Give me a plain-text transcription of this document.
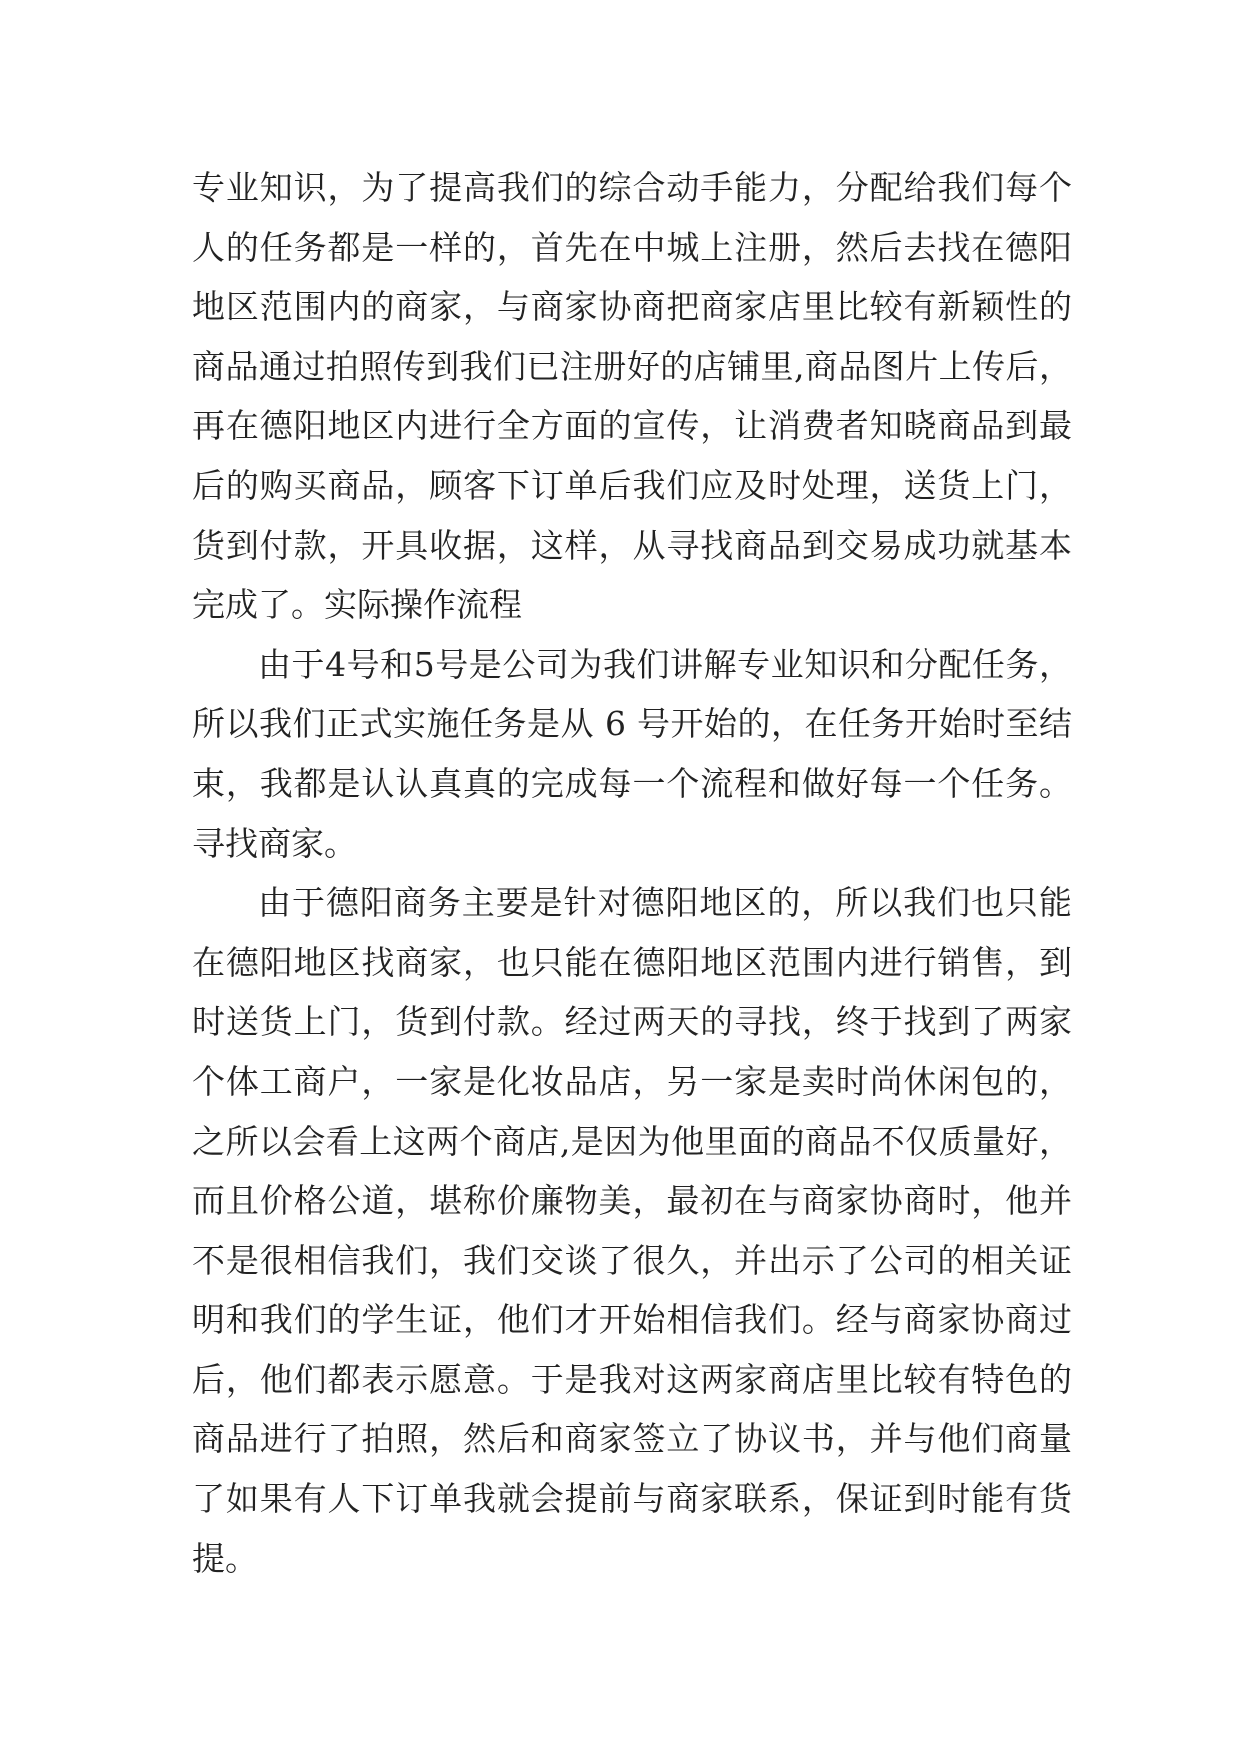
专业知识，为了提高我们的综合动手能力，分配给我们每个
人的任务都是一样的，首先在中城上注册，然后去找在德阳
地区范围内的商家，与商家协商把商家店里比较有新颖性的
商品通过拍照传到我们已注册好的店铺里,商品图片上传后，
再在德阳地区内进行全方面的宣传，让消费者知晓商品到最
后的购买商品，顾客下订单后我们应及时处理，送货上门，
货到付款，开具收据，这样，从寻找商品到交易成功就基本
完成了。实际操作流程
由于4号和5号是公司为我们讲解专业知识和分配任务，
所以我们正式实施任务是从 6 号开始的，在任务开始时至结
束，我都是认认真真的完成每一个流程和做好每一个任务。
寻找商家。
由于德阳商务主要是针对德阳地区的，所以我们也只能
在德阳地区找商家，也只能在德阳地区范围内进行销售，到
时送货上门，货到付款。经过两天的寻找，终于找到了两家
个体工商户，一家是化妆品店，另一家是卖时尚休闲包的，
之所以会看上这两个商店,是因为他里面的商品不仅质量好，
而且价格公道，堪称价廉物美，最初在与商家协商时，他并
不是很相信我们，我们交谈了很久，并出示了公司的相关证
明和我们的学生证，他们才开始相信我们。经与商家协商过
后，他们都表示愿意。于是我对这两家商店里比较有特色的
商品进行了拍照，然后和商家签立了协议书，并与他们商量
了如果有人下订单我就会提前与商家联系，保证到时能有货
提。
